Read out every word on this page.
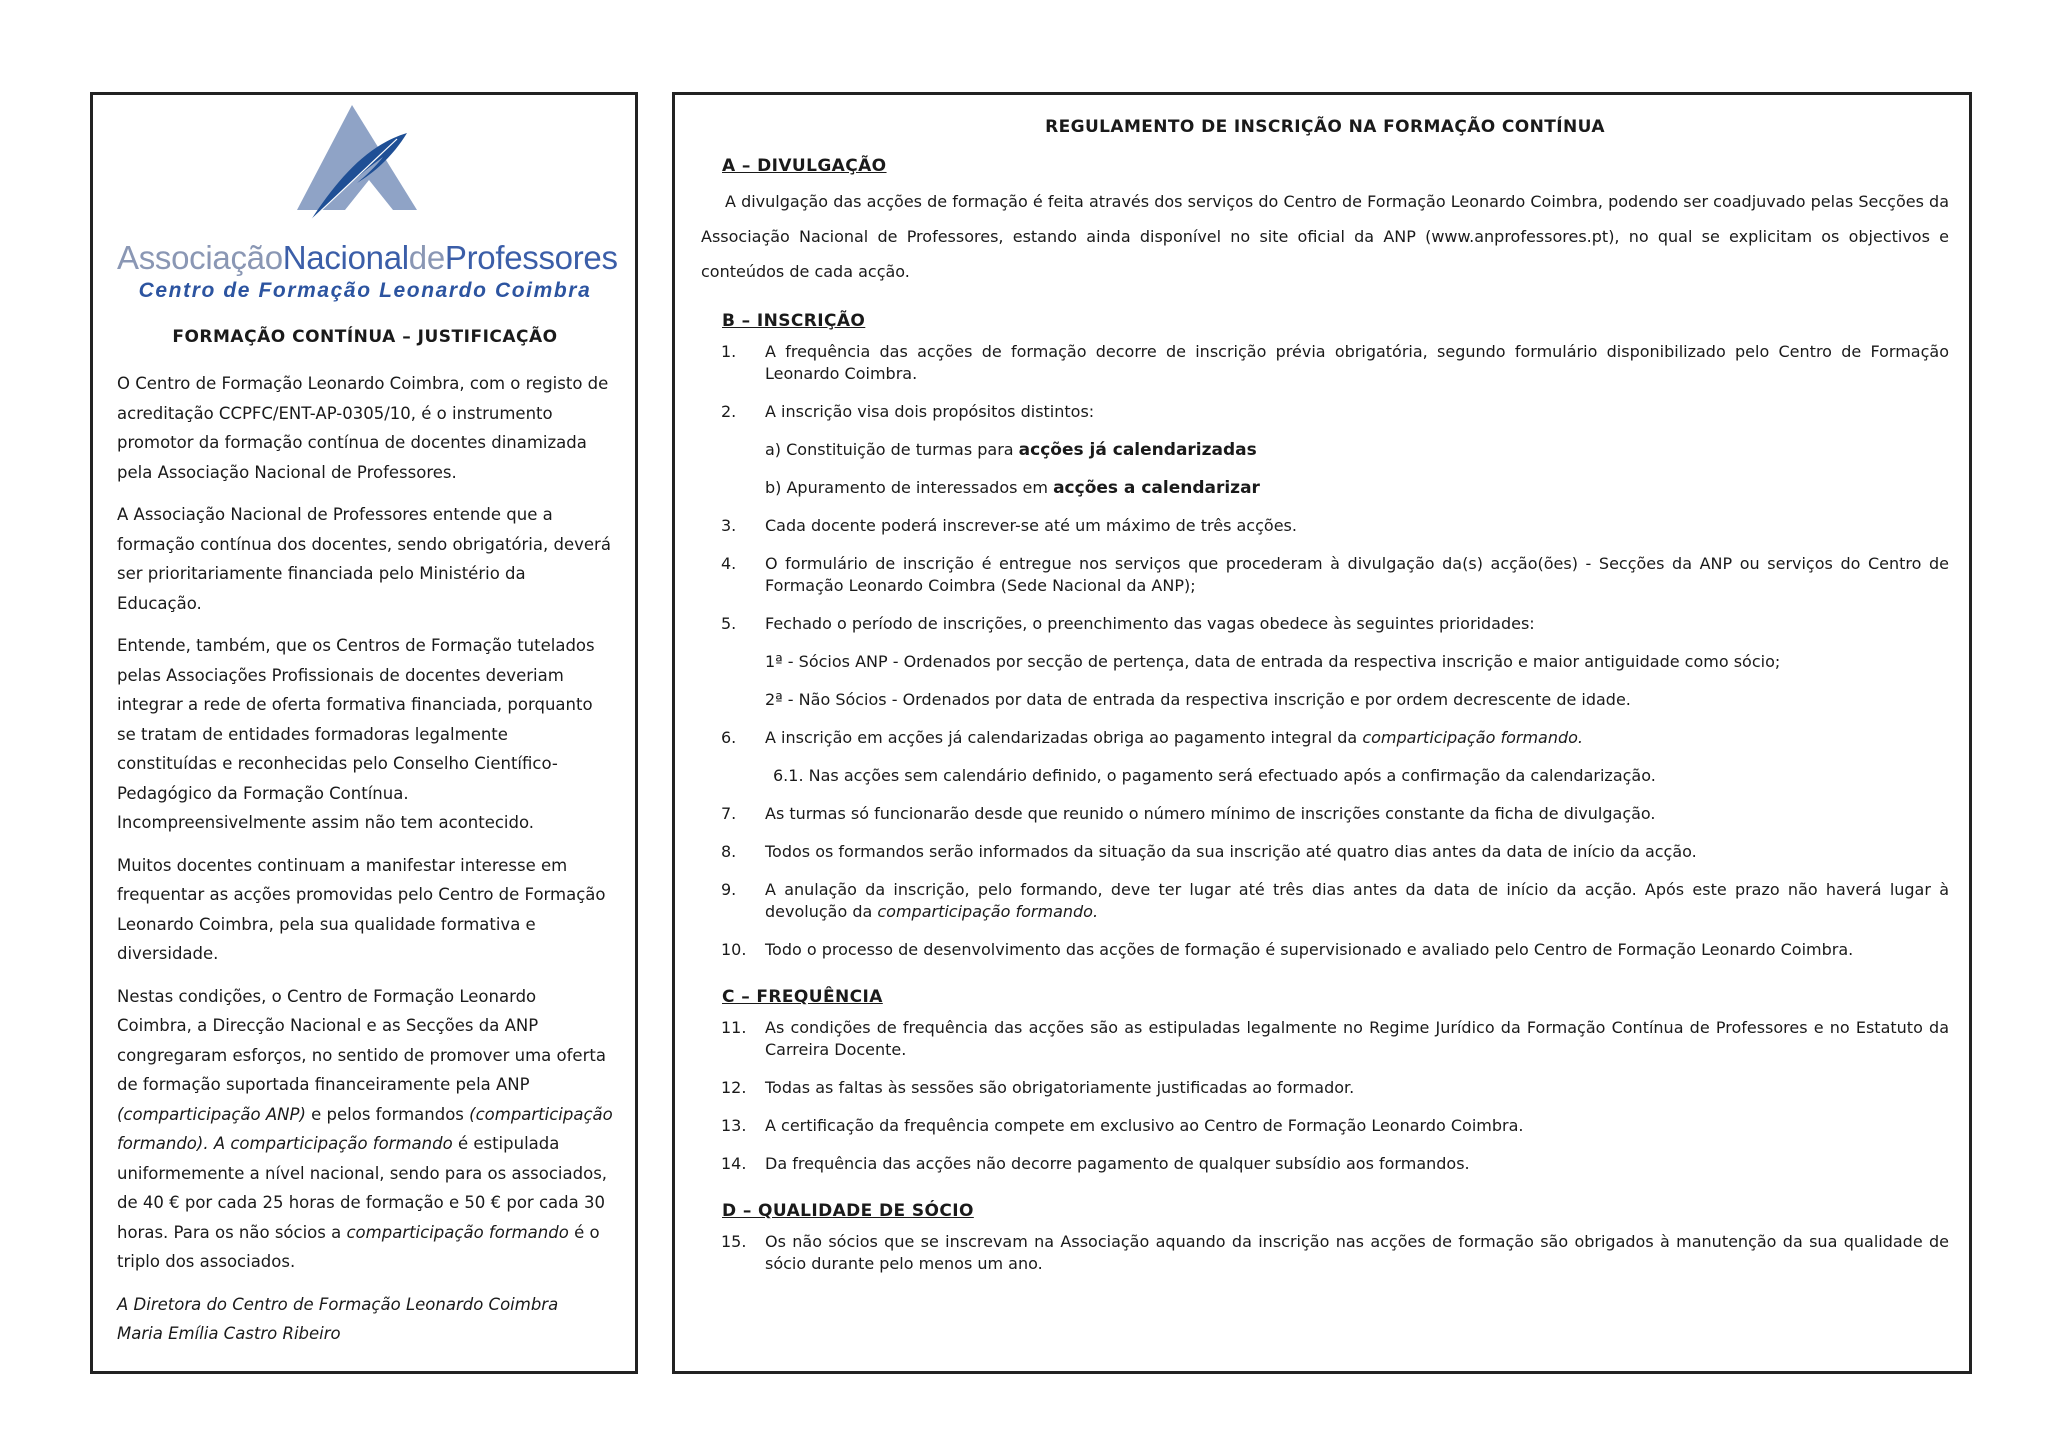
AssociaçãoNacionaldeProfessores
Centro de Formação Leonardo Coimbra
FORMAÇÃO CONTÍNUA – JUSTIFICAÇÃO

O Centro de Formação Leonardo Coimbra, com o registo de acreditação CCPFC/ENT-AP-0305/10, é o instrumento promotor da formação contínua de docentes dinamizada pela Associação Nacional de Professores.

A Associação Nacional de Professores entende que a formação contínua dos docentes, sendo obrigatória, deverá ser prioritariamente financiada pelo Ministério da Educação.

Entende, também, que os Centros de Formação tutelados pelas Associações Profissionais de docentes deveriam integrar a rede de oferta formativa financiada, porquanto se tratam de entidades formadoras legalmente constituídas e reconhecidas pelo Conselho Científico-Pedagógico da Formação Contínua.

Incompreensivelmente assim não tem acontecido.

Muitos docentes continuam a manifestar interesse em frequentar as acções promovidas pelo Centro de Formação Leonardo Coimbra, pela sua qualidade formativa e diversidade.

Nestas condições, o Centro de Formação Leonardo Coimbra, a Direcção Nacional e as Secções da ANP congregaram esforços, no sentido de promover uma oferta de formação suportada financeiramente pela ANP (comparticipação ANP) e pelos formandos (comparticipação formando). A comparticipação formando é estipulada uniformemente a nível nacional, sendo para os associados, de 40 € por cada 25 horas de formação e 50 € por cada 30 horas. Para os não sócios a comparticipação formando é o triplo dos associados.

A Diretora do Centro de Formação Leonardo Coimbra
Maria Emília Castro Ribeiro
REGULAMENTO DE INSCRIÇÃO NA FORMAÇÃO CONTÍNUA
A – DIVULGAÇÃO
A divulgação das acções de formação é feita através dos serviços do Centro de Formação Leonardo Coimbra, podendo ser coadjuvado pelas Secções da Associação Nacional de Professores, estando ainda disponível no site oficial da ANP (www.anprofessores.pt), no qual se explicitam os objectivos e conteúdos de cada acção.
B – INSCRIÇÃO
1.	A frequência das acções de formação decorre de inscrição prévia obrigatória, segundo formulário disponibilizado pelo Centro de Formação Leonardo Coimbra.
2.	A inscrição visa dois propósitos distintos:
a) Constituição de turmas para acções já calendarizadas
b) Apuramento de interessados em acções a calendarizar
3.	Cada docente poderá inscrever-se até um máximo de três acções.
4.	O formulário de inscrição é entregue nos serviços que procederam à divulgação da(s) acção(ões) - Secções da ANP ou serviços do Centro de Formação Leonardo Coimbra (Sede Nacional da ANP);
5.	Fechado o período de inscrições, o preenchimento das vagas obedece às seguintes prioridades:
1ª - Sócios ANP - Ordenados por secção de pertença, data de entrada da respectiva inscrição e maior antiguidade como sócio;
2ª - Não Sócios - Ordenados por data de entrada da respectiva inscrição e por ordem decrescente de idade.
6.	A inscrição em acções já calendarizadas obriga ao pagamento integral da comparticipação formando.
6.1. Nas acções sem calendário definido, o pagamento será efectuado após a confirmação da calendarização.
7.	As turmas só funcionarão desde que reunido o número mínimo de inscrições constante da ficha de divulgação.
8.	Todos os formandos serão informados da situação da sua inscrição até quatro dias antes da data de início da acção.
9.	A anulação da inscrição, pelo formando, deve ter lugar até três dias antes da data de início da acção. Após este prazo não haverá lugar à devolução da comparticipação formando.
10.	Todo o processo de desenvolvimento das acções de formação é supervisionado e avaliado pelo Centro de Formação Leonardo Coimbra.
C – FREQUÊNCIA
11.	As condições de frequência das acções são as estipuladas legalmente no Regime Jurídico da Formação Contínua de Professores e no Estatuto da Carreira Docente.
12.	Todas as faltas às sessões são obrigatoriamente justificadas ao formador.
13.	A certificação da frequência compete em exclusivo ao Centro de Formação Leonardo Coimbra.
14.	Da frequência das acções não decorre pagamento de qualquer subsídio aos formandos.
D – QUALIDADE DE SÓCIO
15.	Os não sócios que se inscrevam na Associação aquando da inscrição nas acções de formação são obrigados à manutenção da sua qualidade de sócio durante pelo menos um ano.
